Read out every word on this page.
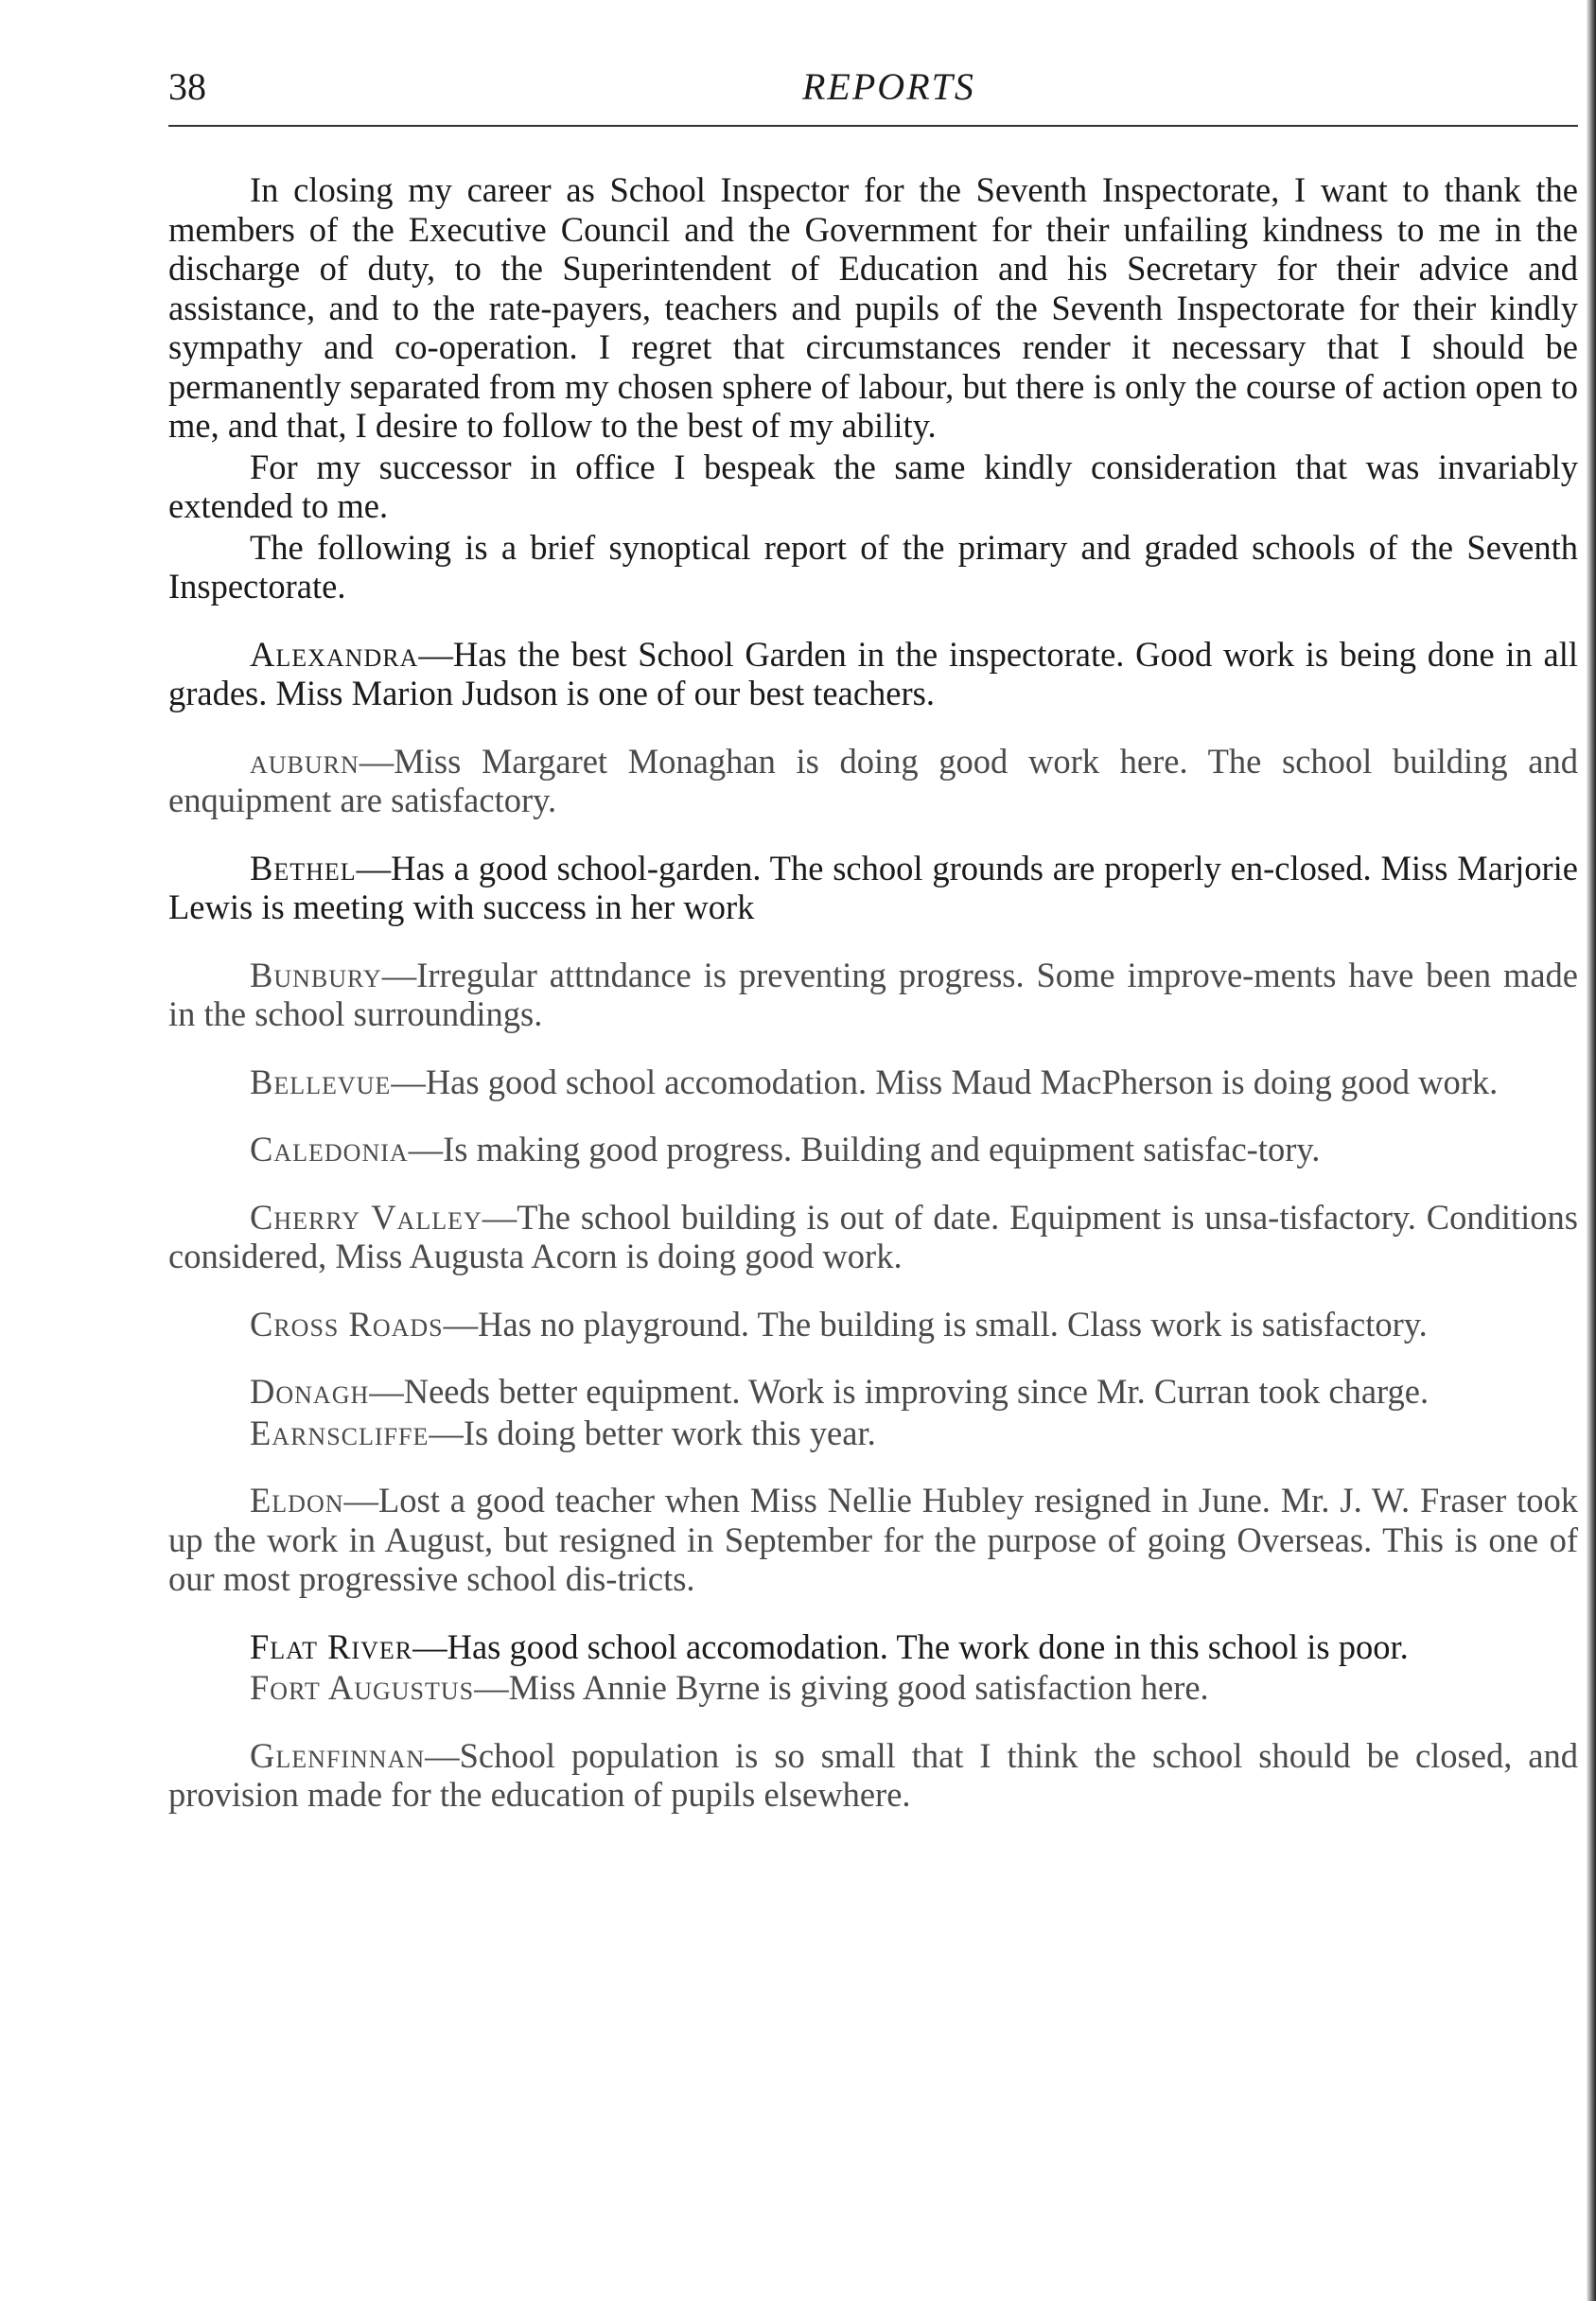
38	REPORTS

In closing my career as School Inspector for the Seventh Inspectorate, I want to thank the members of the Executive Council and the Government for their unfailing kindness to me in the discharge of duty, to the Superintendent of Education and his Secretary for their advice and assistance, and to the rate-payers, teachers and pupils of the Seventh Inspectorate for their kindly sympathy and co-operation. I regret that circumstances render it necessary that I should be permanently separated from my chosen sphere of labour, but there is only the course of action open to me, and that, I desire to follow to the best of my ability.

For my successor in office I bespeak the same kindly consideration that was invariably extended to me.

The following is a brief synoptical report of the primary and graded schools of the Seventh Inspectorate.

Alexandra—Has the best School Garden in the inspectorate. Good work is being done in all grades. Miss Marion Judson is one of our best teachers.

auburn—Miss Margaret Monaghan is doing good work here. The school building and enquipment are satisfactory.

Bethel—Has a good school-garden. The school grounds are properly en-closed. Miss Marjorie Lewis is meeting with success in her work

Bunbury—Irregular atttndance is preventing progress. Some improve-ments have been made in the school surroundings.

Bellevue—Has good school accomodation. Miss Maud MacPherson is doing good work.

Caledonia—Is making good progress. Building and equipment satisfac-tory.

Cherry Valley—The school building is out of date. Equipment is unsa-tisfactory. Conditions considered, Miss Augusta Acorn is doing good work.

Cross Roads—Has no playground. The building is small. Class work is satisfactory.

Donagh—Needs better equipment. Work is improving since Mr. Curran took charge.

Earnscliffe—Is doing better work this year.

Eldon—Lost a good teacher when Miss Nellie Hubley resigned in June. Mr. J. W. Fraser took up the work in August, but resigned in September for the purpose of going Overseas. This is one of our most progressive school dis-tricts.

Flat River—Has good school accomodation. The work done in this school is poor.

Fort Augustus—Miss Annie Byrne is giving good satisfaction here.

Glenfinnan—School population is so small that I think the school should be closed, and provision made for the education of pupils elsewhere.
